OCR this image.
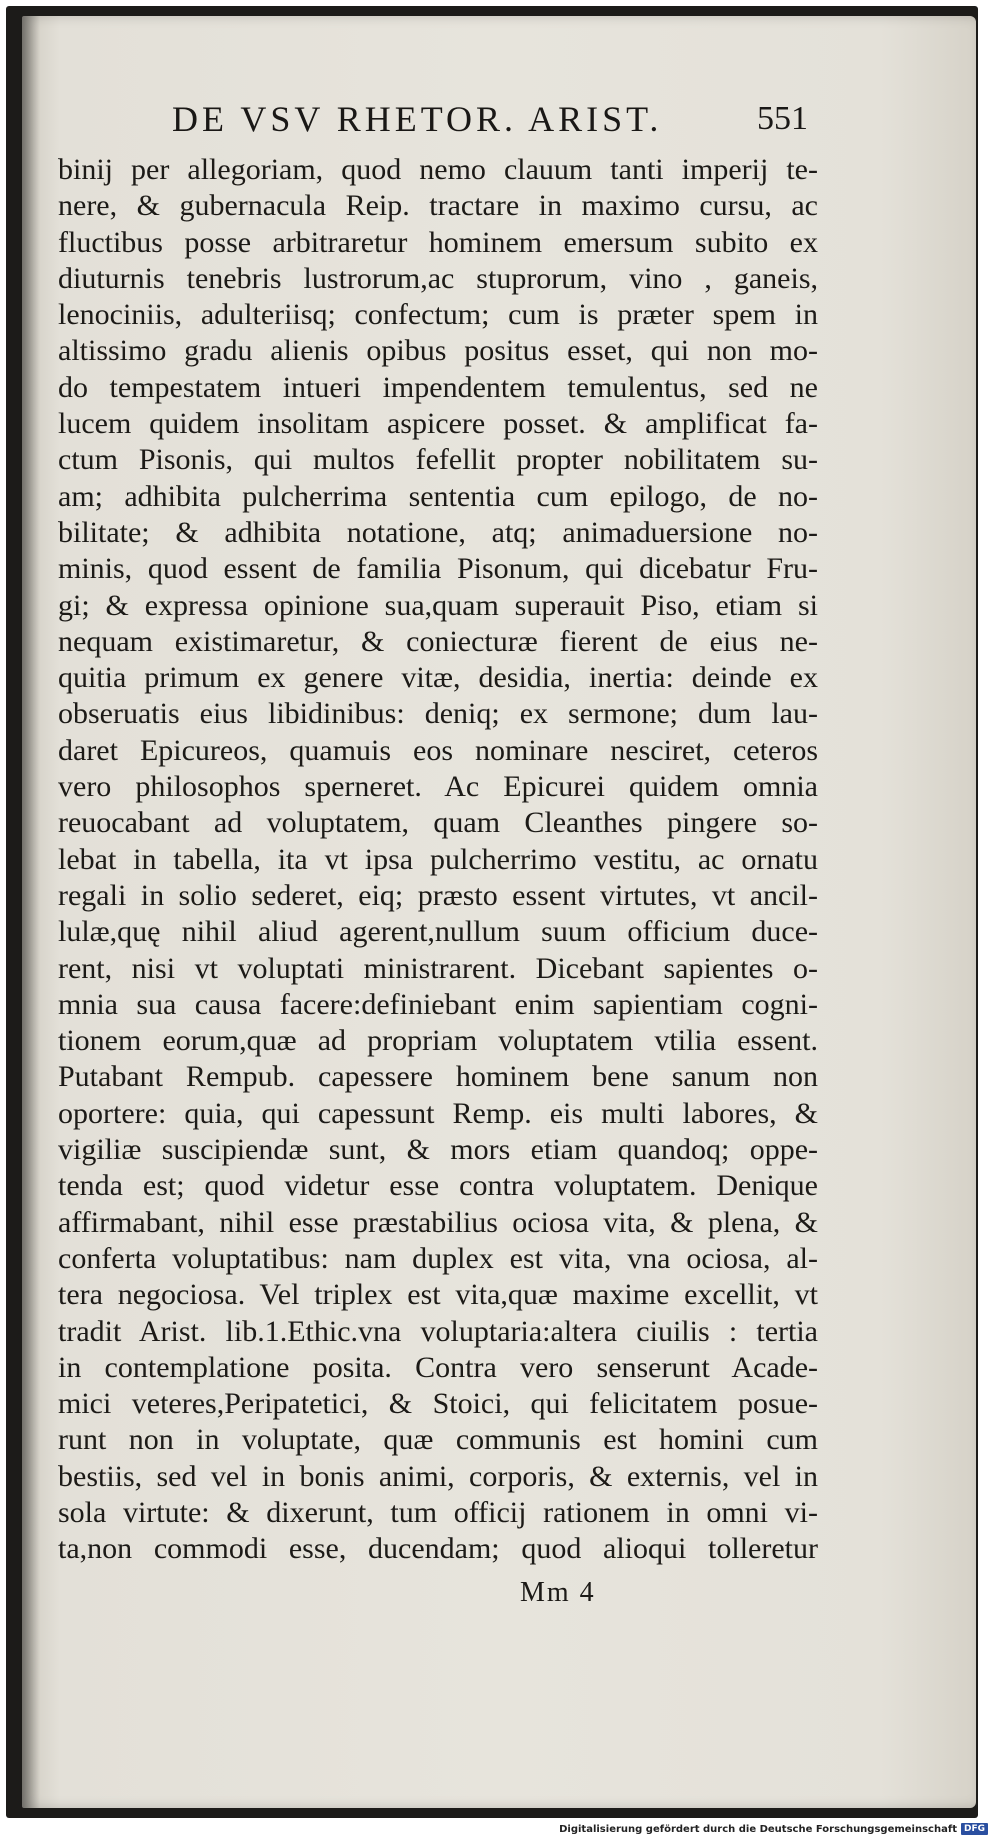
DE VSV RHETOR. ARIST.	551
binij per allegoriam, quod nemo clauum tanti imperij te-
nere, & gubernacula Reip. tractare in maximo cursu, ac
fluctibus posse arbitraretur hominem emersum subito ex
diuturnis tenebris lustrorum,ac stuprorum, vino , ganeis,
lenociniis, adulteriisq; confectum; cum is præter spem in
altissimo gradu alienis opibus positus esset, qui non mo-
do tempestatem intueri impendentem temulentus, sed ne
lucem quidem insolitam aspicere posset. & amplificat fa-
ctum Pisonis, qui multos fefellit propter nobilitatem su-
am; adhibita pulcherrima sententia cum epilogo, de no-
bilitate; & adhibita notatione, atq; animaduersione no-
minis, quod essent de familia Pisonum, qui dicebatur Fru-
gi; & expressa opinione sua,quam superauit Piso, etiam si
nequam existimaretur, & coniecturæ fierent de eius ne-
quitia primum ex genere vitæ, desidia, inertia: deinde ex
obseruatis eius libidinibus: deniq; ex sermone; dum lau-
daret Epicureos, quamuis eos nominare nesciret, ceteros
vero philosophos sperneret. Ac Epicurei quidem omnia
reuocabant ad voluptatem, quam Cleanthes pingere so-
lebat in tabella, ita vt ipsa pulcherrimo vestitu, ac ornatu
regali in solio sederet, eiq; præsto essent virtutes, vt ancil-
lulæ,quę nihil aliud agerent,nullum suum officium duce-
rent, nisi vt voluptati ministrarent. Dicebant sapientes o-
mnia sua causa facere:definiebant enim sapientiam cogni-
tionem eorum,quæ ad propriam voluptatem vtilia essent.
Putabant Rempub. capessere hominem bene sanum non
oportere: quia, qui capessunt Remp. eis multi labores, &
vigiliæ suscipiendæ sunt, & mors etiam quandoq; oppe-
tenda est; quod videtur esse contra voluptatem. Denique
affirmabant, nihil esse præstabilius ociosa vita, & plena, &
conferta voluptatibus: nam duplex est vita, vna ociosa, al-
tera negociosa. Vel triplex est vita,quæ maxime excellit, vt
tradit Arist. lib.1.Ethic.vna voluptaria:altera ciuilis : tertia
in contemplatione posita. Contra vero senserunt Acade-
mici veteres,Peripatetici, & Stoici, qui felicitatem posue-
runt non in voluptate, quæ communis est homini cum
bestiis, sed vel in bonis animi, corporis, & externis, vel in
sola virtute: & dixerunt, tum officij rationem in omni vi-
ta,non commodi esse, ducendam; quod alioqui tolleretur
Mm 4
Digitalisierung gefördert durch die Deutsche Forschungsgemeinschaft DFG
